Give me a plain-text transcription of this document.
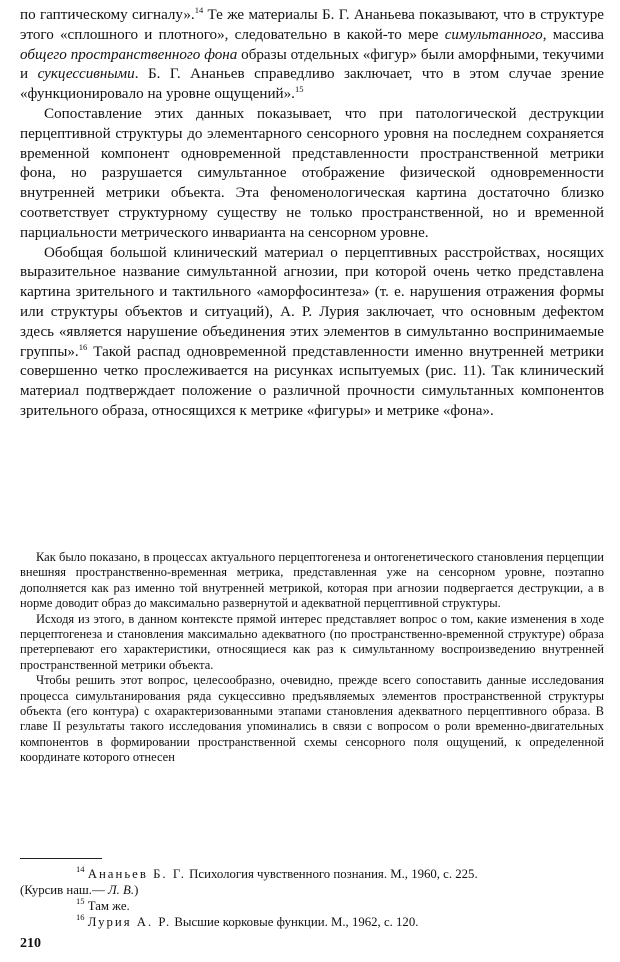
по гаптическому сигналу».$^{14}$ Те же материалы Б. Г. Ананьева показывают, что в структуре этого «сплошного и плотного», следовательно в какой-то мере симультанного, массива общего пространственного фона образы отдельных «фигур» были аморфными, текучими и сукцессивными. Б. Г. Ананьев справедливо заключает, что в этом случае зрение «функционировало на уровне ощущений».$^{15}$

Сопоставление этих данных показывает, что при патологической деструкции перцептивной структуры до элементарного сенсорного уровня на последнем сохраняется временной компонент одновременной представленности пространственной метрики фона, но разрушается симультанное отображение физической одновременности внутренней метрики объекта. Эта феноменологическая картина достаточно близко соответствует структурному существу не только пространственной, но и временной парциальности метрического инварианта на сенсорном уровне.

Обобщая большой клинический материал о перцептивных расстройствах, носящих выразительное название симультанной агнозии, при которой очень четко представлена картина зрительного и тактильного «аморфосинтеза» (т. е. нарушения отражения формы или структуры объектов и ситуаций), А. Р. Лурия заключает, что основным дефектом здесь «является нарушение объединения этих элементов в симультанно воспринимаемые группы».$^{16}$ Такой распад одновременной представленности именно внутренней метрики совершенно четко прослеживается на рисунках испытуемых (рис. 11). Так клинический материал подтверждает положение о различной прочности симультанных компонентов зрительного образа, относящихся к метрике «фигуры» и метрике «фона».

Как было показано, в процессах актуального перцептогенеза и онтогенетического становления перцепции внешняя пространственно-временная метрика, представленная уже на сенсорном уровне, поэтапно дополняется как раз именно той внутренней метрикой, которая при агнозии подвергается деструкции, а в норме доводит образ до максимально развернутой и адекватной перцептивной структуры.

Исходя из этого, в данном контексте прямой интерес представляет вопрос о том, какие изменения в ходе перцептогенеза и становления максимально адекватного (по пространственно-временной структуре) образа претерпевают его характеристики, относящиеся как раз к симультанному воспроизведению внутренней пространственной метрики объекта.

Чтобы решить этот вопрос, целесообразно, очевидно, прежде всего сопоставить данные исследования процесса симультанирования ряда сукцессивно предъявляемых элементов пространственной структуры объекта (его контура) с охарактеризованными этапами становления адекватного перцептивного образа. В главе II результаты такого исследования упоминались в связи с вопросом о роли временно-двигательных компонентов в формировании пространственной схемы сенсорного поля ощущений, к определенной координате которого отнесен

$^{14}$ Ананьев Б. Г. Психология чувственного познания. М., 1960, с. 225.

(Курсив наш.— Л. В.)

$^{15}$ Там же.

$^{16}$ Лурия А. Р. Высшие корковые функции. М., 1962, с. 120.

210
